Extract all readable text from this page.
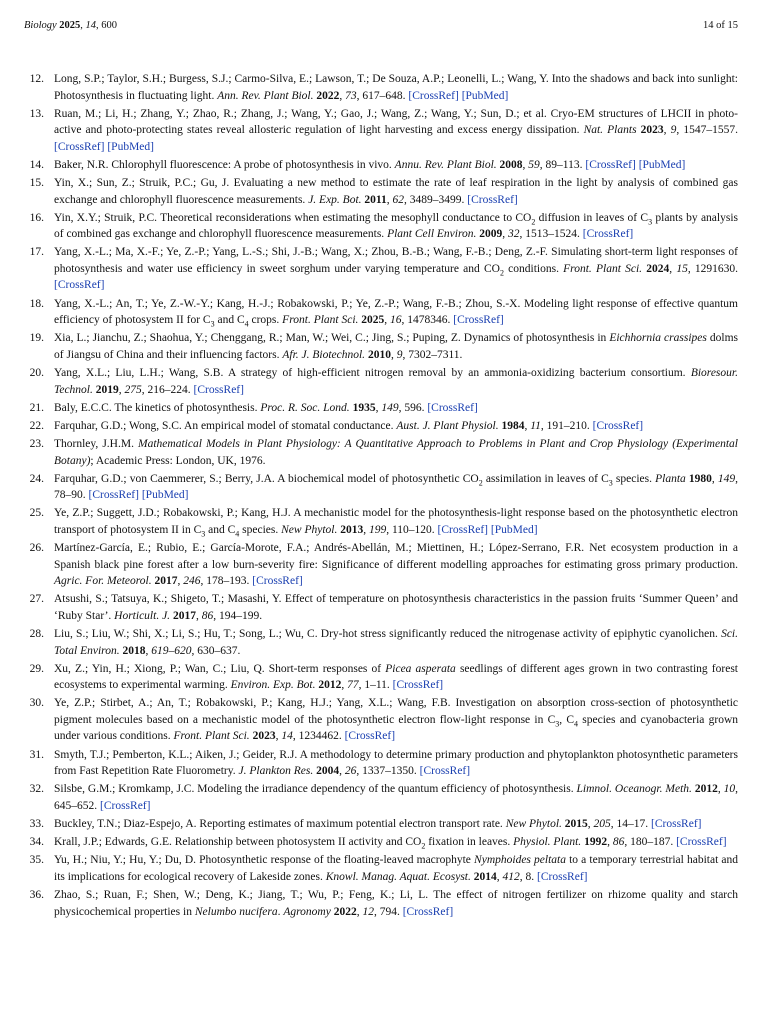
Biology 2025, 14, 600	14 of 15
12. Long, S.P.; Taylor, S.H.; Burgess, S.J.; Carmo-Silva, E.; Lawson, T.; De Souza, A.P.; Leonelli, L.; Wang, Y. Into the shadows and back into sunlight: Photosynthesis in fluctuating light. Ann. Rev. Plant Biol. 2022, 73, 617–648. [CrossRef] [PubMed]
13. Ruan, M.; Li, H.; Zhang, Y.; Zhao, R.; Zhang, J.; Wang, Y.; Gao, J.; Wang, Z.; Wang, Y.; Sun, D.; et al. Cryo-EM structures of LHCII in photo-active and photo-protecting states reveal allosteric regulation of light harvesting and excess energy dissipation. Nat. Plants 2023, 9, 1547–1557. [CrossRef] [PubMed]
14. Baker, N.R. Chlorophyll fluorescence: A probe of photosynthesis in vivo. Annu. Rev. Plant Biol. 2008, 59, 89–113. [CrossRef] [PubMed]
15. Yin, X.; Sun, Z.; Struik, P.C.; Gu, J. Evaluating a new method to estimate the rate of leaf respiration in the light by analysis of combined gas exchange and chlorophyll fluorescence measurements. J. Exp. Bot. 2011, 62, 3489–3499. [CrossRef]
16. Yin, X.Y.; Struik, P.C. Theoretical reconsiderations when estimating the mesophyll conductance to $CO_2$ diffusion in leaves of $C_3$ plants by analysis of combined gas exchange and chlorophyll fluorescence measurements. Plant Cell Environ. 2009, 32, 1513–1524. [CrossRef]
17. Yang, X.-L.; Ma, X.-F.; Ye, Z.-P.; Yang, L.-S.; Shi, J.-B.; Wang, X.; Zhou, B.-B.; Wang, F.-B.; Deng, Z.-F. Simulating short-term light responses of photosynthesis and water use efficiency in sweet sorghum under varying temperature and $CO_2$ conditions. Front. Plant Sci. 2024, 15, 1291630. [CrossRef]
18. Yang, X.-L.; An, T.; Ye, Z.-W.-Y.; Kang, H.-J.; Robakowski, P.; Ye, Z.-P.; Wang, F.-B.; Zhou, S.-X. Modeling light response of effective quantum efficiency of photosystem II for $C_3$ and $C_4$ crops. Front. Plant Sci. 2025, 16, 1478346. [CrossRef]
19. Xia, L.; Jianchu, Z.; Shaohua, Y.; Chenggang, R.; Man, W.; Wei, C.; Jing, S.; Puping, Z. Dynamics of photosynthesis in Eichhornia crassipes dolms of Jiangsu of China and their influencing factors. Afr. J. Biotechnol. 2010, 9, 7302–7311.
20. Yang, X.L.; Liu, L.H.; Wang, S.B. A strategy of high-efficient nitrogen removal by an ammonia-oxidizing bacterium consortium. Bioresour. Technol. 2019, 275, 216–224. [CrossRef]
21. Baly, E.C.C. The kinetics of photosynthesis. Proc. R. Soc. Lond. 1935, 149, 596. [CrossRef]
22. Farquhar, G.D.; Wong, S.C. An empirical model of stomatal conductance. Aust. J. Plant Physiol. 1984, 11, 191–210. [CrossRef]
23. Thornley, J.H.M. Mathematical Models in Plant Physiology: A Quantitative Approach to Problems in Plant and Crop Physiology (Experimental Botany); Academic Press: London, UK, 1976.
24. Farquhar, G.D.; von Caemmerer, S.; Berry, J.A. A biochemical model of photosynthetic $CO_2$ assimilation in leaves of $C_3$ species. Planta 1980, 149, 78–90. [CrossRef] [PubMed]
25. Ye, Z.P.; Suggett, J.D.; Robakowski, P.; Kang, H.J. A mechanistic model for the photosynthesis-light response based on the photosynthetic electron transport of photosystem II in $C_3$ and $C_4$ species. New Phytol. 2013, 199, 110–120. [CrossRef] [PubMed]
26. Martínez-García, E.; Rubio, E.; García-Morote, F.A.; Andrés-Abellán, M.; Miettinen, H.; López-Serrano, F.R. Net ecosystem production in a Spanish black pine forest after a low burn-severity fire: Significance of different modelling approaches for estimating gross primary production. Agric. For. Meteorol. 2017, 246, 178–193. [CrossRef]
27. Atsushi, S.; Tatsuya, K.; Shigeto, T.; Masashi, Y. Effect of temperature on photosynthesis characteristics in the passion fruits ‘Summer Queen’ and ‘Ruby Star’. Horticult. J. 2017, 86, 194–199.
28. Liu, S.; Liu, W.; Shi, X.; Li, S.; Hu, T.; Song, L.; Wu, C. Dry-hot stress significantly reduced the nitrogenase activity of epiphytic cyanolichen. Sci. Total Environ. 2018, 619–620, 630–637.
29. Xu, Z.; Yin, H.; Xiong, P.; Wan, C.; Liu, Q. Short-term responses of Picea asperata seedlings of different ages grown in two contrasting forest ecosystems to experimental warming. Environ. Exp. Bot. 2012, 77, 1–11. [CrossRef]
30. Ye, Z.P.; Stirbet, A.; An, T.; Robakowski, P.; Kang, H.J.; Yang, X.L.; Wang, F.B. Investigation on absorption cross-section of photosynthetic pigment molecules based on a mechanistic model of the photosynthetic electron flow-light response in $C_3$, $C_4$ species and cyanobacteria grown under various conditions. Front. Plant Sci. 2023, 14, 1234462. [CrossRef]
31. Smyth, T.J.; Pemberton, K.L.; Aiken, J.; Geider, R.J. A methodology to determine primary production and phytoplankton photosynthetic parameters from Fast Repetition Rate Fluorometry. J. Plankton Res. 2004, 26, 1337–1350. [CrossRef]
32. Silsbe, G.M.; Kromkamp, J.C. Modeling the irradiance dependency of the quantum efficiency of photosynthesis. Limnol. Oceanogr. Meth. 2012, 10, 645–652. [CrossRef]
33. Buckley, T.N.; Diaz-Espejo, A. Reporting estimates of maximum potential electron transport rate. New Phytol. 2015, 205, 14–17. [CrossRef]
34. Krall, J.P.; Edwards, G.E. Relationship between photosystem II activity and $CO_2$ fixation in leaves. Physiol. Plant. 1992, 86, 180–187. [CrossRef]
35. Yu, H.; Niu, Y.; Hu, Y.; Du, D. Photosynthetic response of the floating-leaved macrophyte Nymphoides peltata to a temporary terrestrial habitat and its implications for ecological recovery of Lakeside zones. Knowl. Manag. Aquat. Ecosyst. 2014, 412, 8. [CrossRef]
36. Zhao, S.; Ruan, F.; Shen, W.; Deng, K.; Jiang, T.; Wu, P.; Feng, K.; Li, L. The effect of nitrogen fertilizer on rhizome quality and starch physicochemical properties in Nelumbo nucifera. Agronomy 2022, 12, 794. [CrossRef]
